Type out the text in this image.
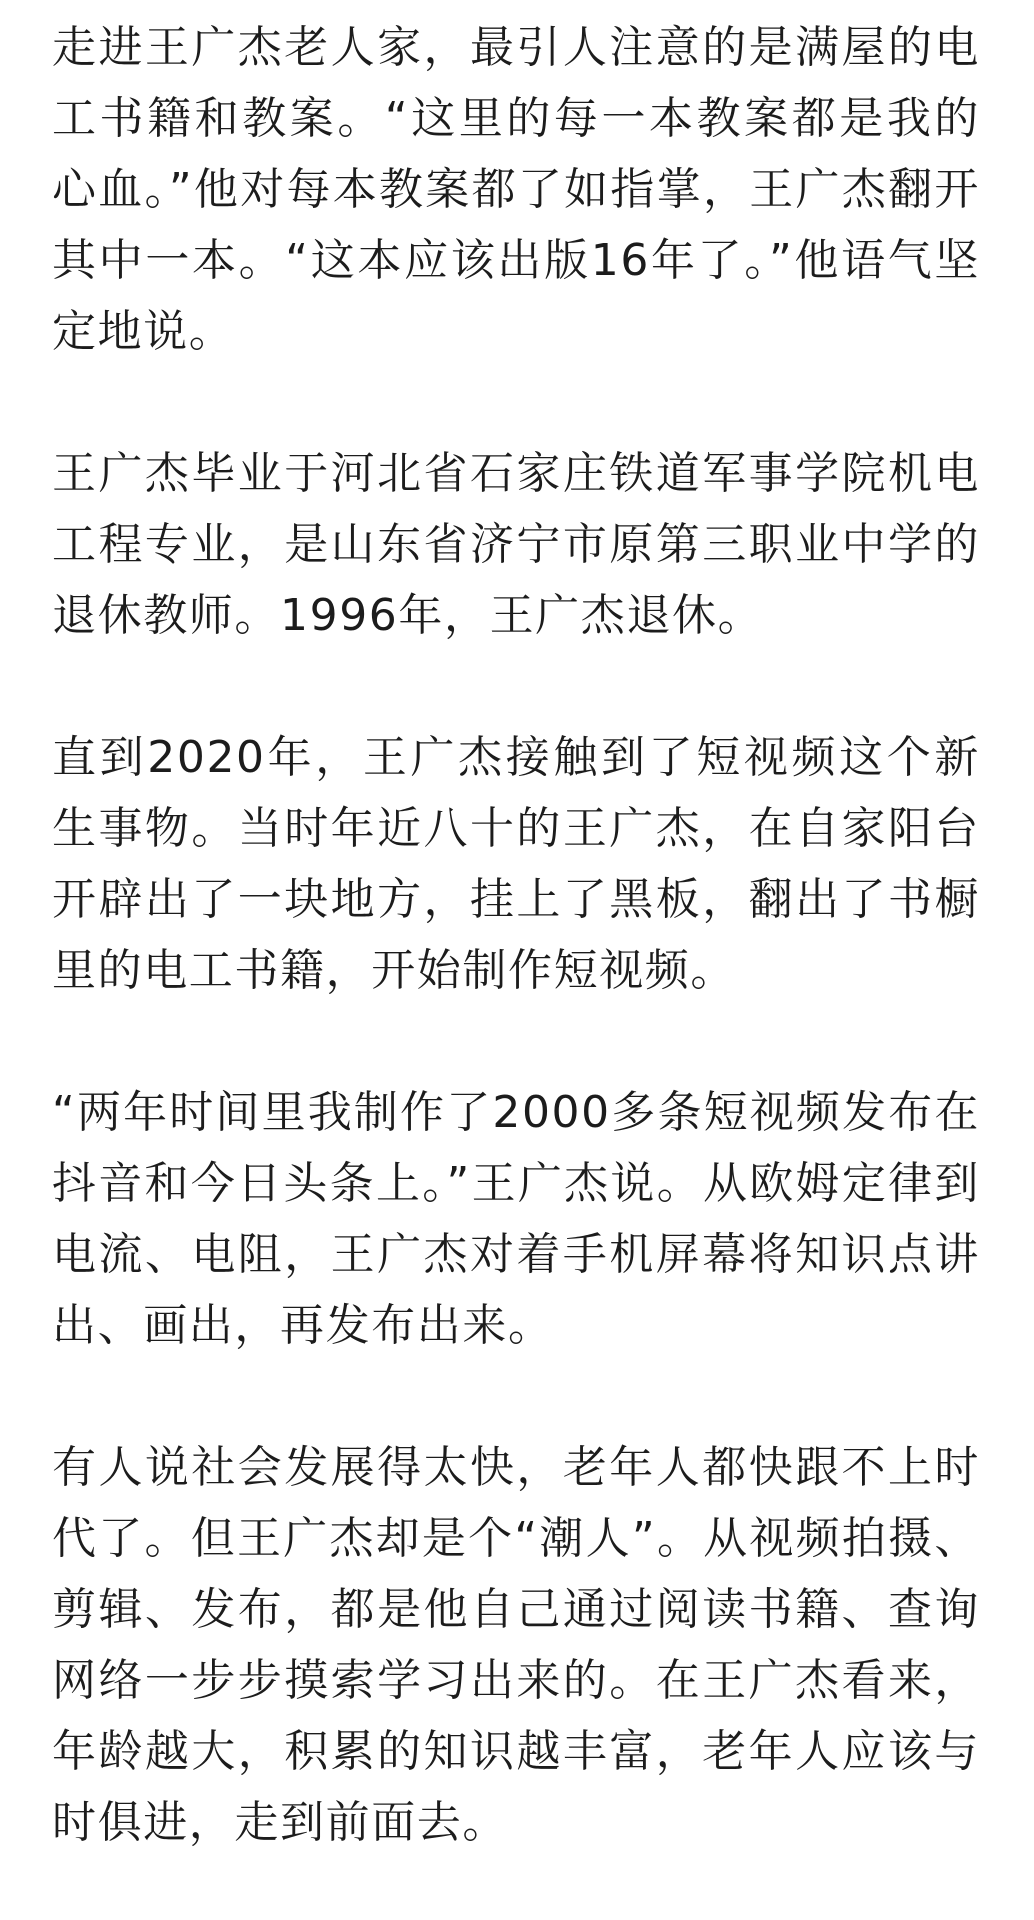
走进王广杰老人家，最引人注意的是满屋的电工书籍和教案。“这里的每一本教案都是我的心血。”他对每本教案都了如指掌，王广杰翻开其中一本。“这本应该出版16年了。”他语气坚定地说。

王广杰毕业于河北省石家庄铁道军事学院机电工程专业，是山东省济宁市原第三职业中学的退休教师。1996年，王广杰退休。

直到2020年，王广杰接触到了短视频这个新生事物。当时年近八十的王广杰，在自家阳台开辟出了一块地方，挂上了黑板，翻出了书橱里的电工书籍，开始制作短视频。

“两年时间里我制作了2000多条短视频发布在抖音和今日头条上。”王广杰说。从欧姆定律到电流、电阻，王广杰对着手机屏幕将知识点讲出、画出，再发布出来。

有人说社会发展得太快，老年人都快跟不上时代了。但王广杰却是个“潮人”。从视频拍摄、剪辑、发布，都是他自己通过阅读书籍、查询网络一步步摸索学习出来的。在王广杰看来，年龄越大，积累的知识越丰富，老年人应该与时俱进，走到前面去。
